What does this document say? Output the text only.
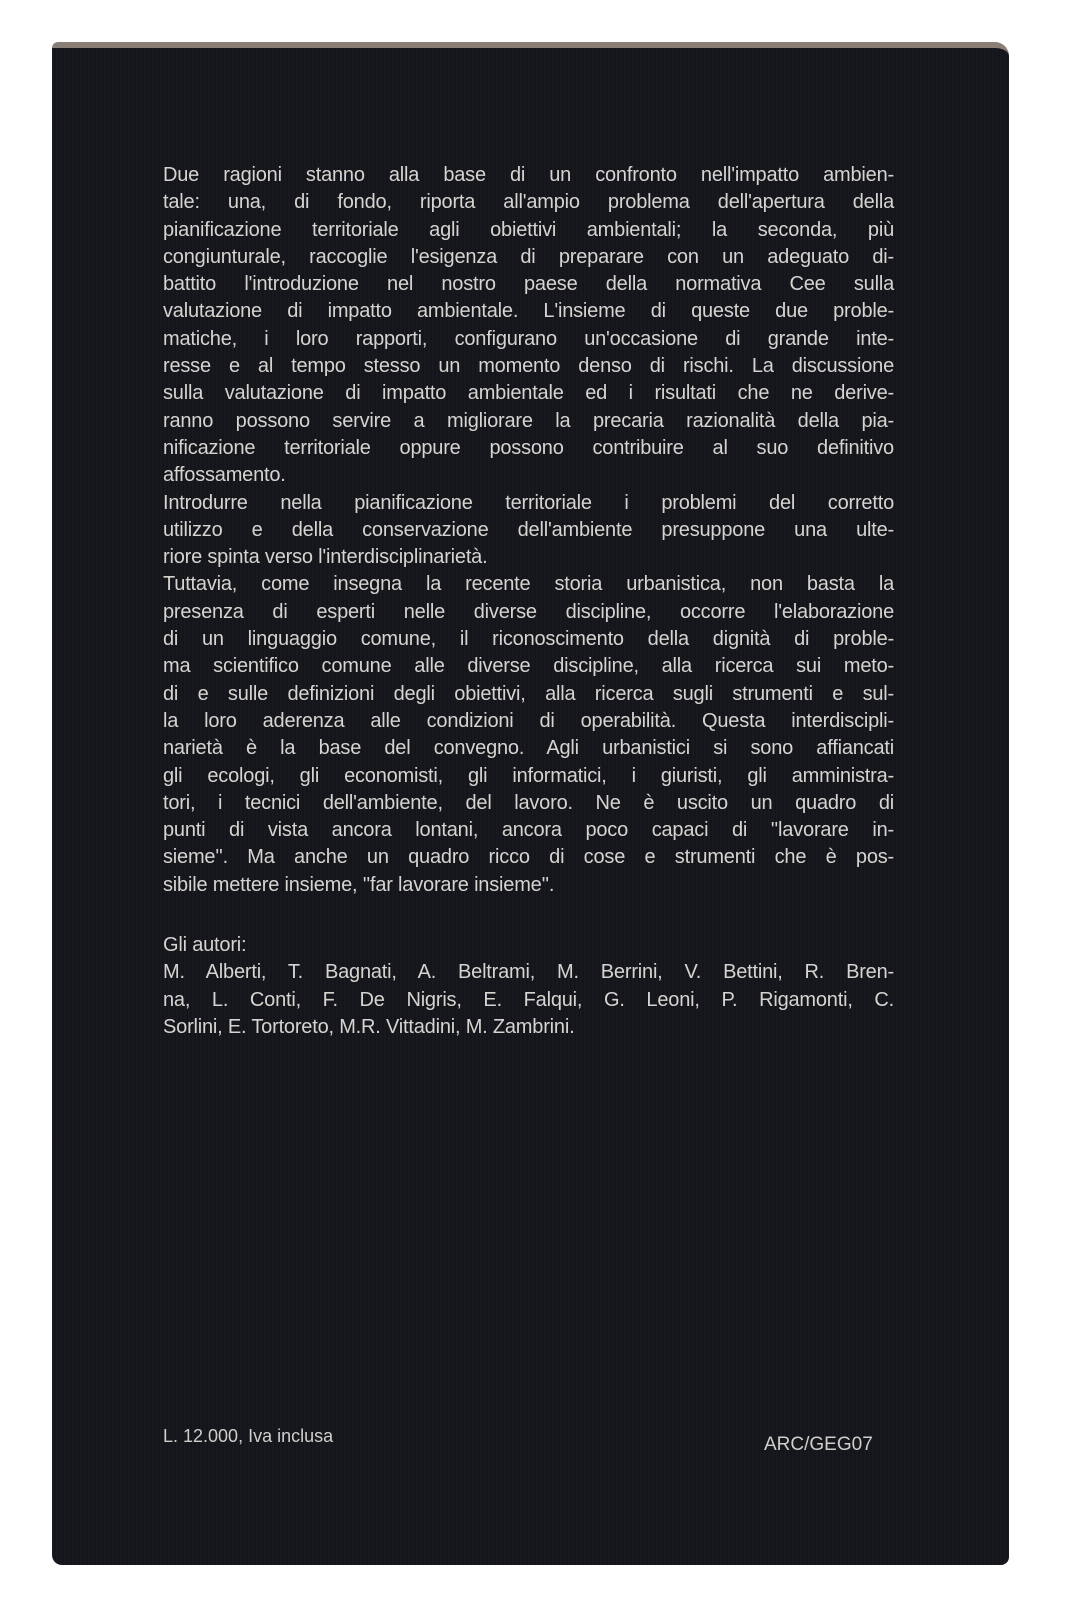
Due ragioni stanno alla base di un confronto nell'impatto ambien-
tale: una, di fondo, riporta all'ampio problema dell'apertura della
pianificazione territoriale agli obiettivi ambientali; la seconda, più
congiunturale, raccoglie l'esigenza di preparare con un adeguato di-
battito l'introduzione nel nostro paese della normativa Cee sulla
valutazione di impatto ambientale. L'insieme di queste due proble-
matiche, i loro rapporti, configurano un'occasione di grande inte-
resse e al tempo stesso un momento denso di rischi. La discussione
sulla valutazione di impatto ambientale ed i risultati che ne derive-
ranno possono servire a migliorare la precaria razionalità della pia-
nificazione territoriale oppure possono contribuire al suo definitivo
affossamento.
Introdurre nella pianificazione territoriale i problemi del corretto
utilizzo e della conservazione dell'ambiente presuppone una ulte-
riore spinta verso l'interdisciplinarietà.
Tuttavia, come insegna la recente storia urbanistica, non basta la
presenza di esperti nelle diverse discipline, occorre l'elaborazione
di un linguaggio comune, il riconoscimento della dignità di proble-
ma scientifico comune alle diverse discipline, alla ricerca sui meto-
di e sulle definizioni degli obiettivi, alla ricerca sugli strumenti e sul-
la loro aderenza alle condizioni di operabilità. Questa interdiscipli-
narietà è la base del convegno. Agli urbanistici si sono affiancati
gli ecologi, gli economisti, gli informatici, i giuristi, gli amministra-
tori, i tecnici dell'ambiente, del lavoro. Ne è uscito un quadro di
punti di vista ancora lontani, ancora poco capaci di ''lavorare in-
sieme''. Ma anche un quadro ricco di cose e strumenti che è pos-
sibile mettere insieme, ''far lavorare insieme''.
Gli autori:
M. Alberti, T. Bagnati, A. Beltrami, M. Berrini, V. Bettini, R. Bren-
na, L. Conti, F. De Nigris, E. Falqui, G. Leoni, P. Rigamonti, C.
Sorlini, E. Tortoreto, M.R. Vittadini, M. Zambrini.
L. 12.000, Iva inclusa	ARC/GEG07
